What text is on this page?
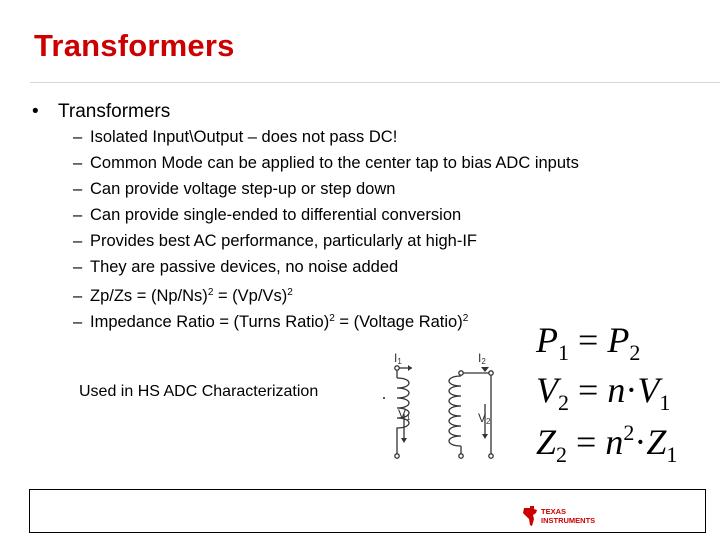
Transformers
• Transformers
– Isolated Input\Output – does not pass DC!
– Common Mode can be applied to the center tap to bias ADC inputs
– Can provide voltage step-up or step down
– Can provide single-ended to differential conversion
– Provides best AC performance, particularly at high-IF
– They are passive devices, no noise added
– $Zp/Zs = (Np/Ns)^2 = (Vp/Vs)^2$
– Impedance Ratio = (Turns Ratio)$^2$ = (Voltage Ratio)$^2$
Used in HS ADC Characterization
I1	I2
V1	V2
$P_1 = P_2$
$V_2 = n\cdot V_1$
$Z_2 = n^2\cdot Z_1$
TEXAS
INSTRUMENTS
